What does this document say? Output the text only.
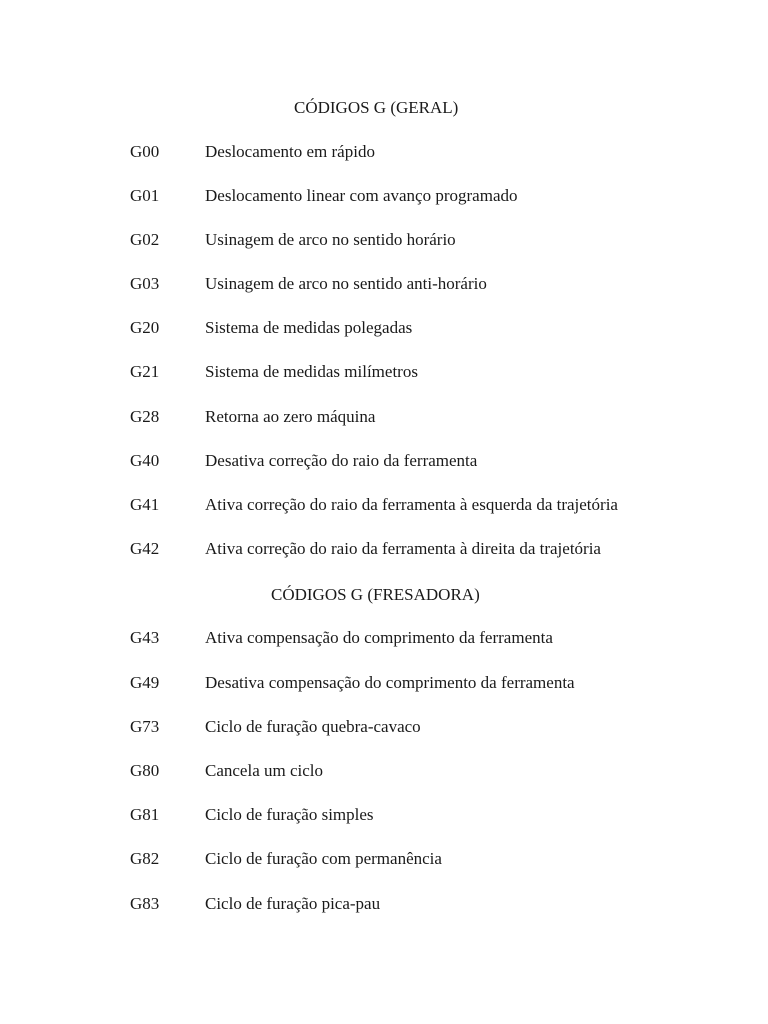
CÓDIGOS G (GERAL)
G00	Deslocamento em rápido
G01	Deslocamento linear com avanço programado
G02	Usinagem de arco no sentido horário
G03	Usinagem de arco no sentido anti-horário
G20	Sistema de medidas polegadas
G21	Sistema de medidas milímetros
G28	Retorna ao zero máquina
G40	Desativa correção do raio da ferramenta
G41	Ativa correção do raio da ferramenta à esquerda da trajetória
G42	Ativa correção do raio da ferramenta à direita da trajetória
CÓDIGOS G (FRESADORA)
G43	Ativa compensação do comprimento da ferramenta
G49	Desativa compensação do comprimento da ferramenta
G73	Ciclo de furação quebra-cavaco
G80	Cancela um ciclo
G81	Ciclo de furação simples
G82	Ciclo de furação com permanência
G83	Ciclo de furação pica-pau
